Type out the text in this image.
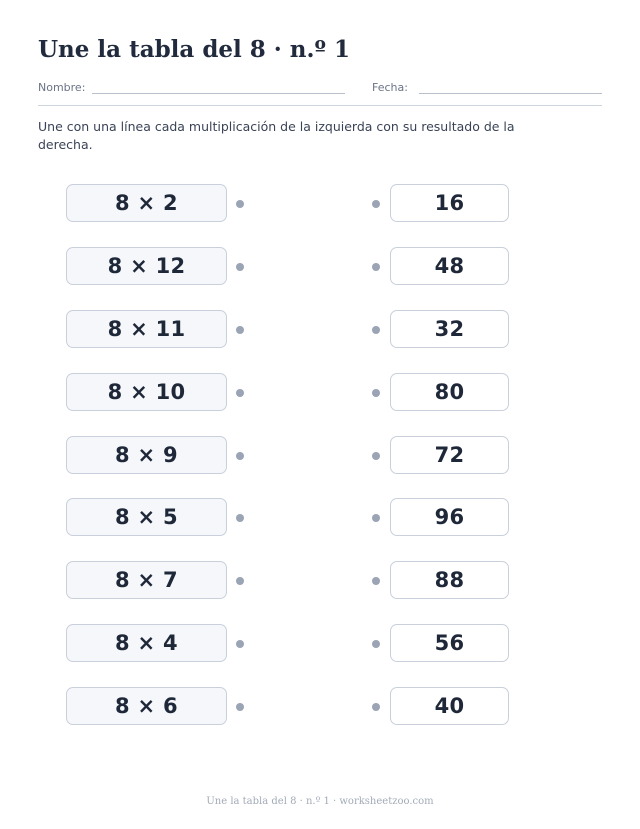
Une la tabla del 8 · n.º 1
Nombre:	Fecha:

Une con una línea cada multiplicación de la izquierda con su resultado de la derecha.

8 × 2	16
8 × 12	48
8 × 11	32
8 × 10	80
8 × 9	72
8 × 5	96
8 × 7	88
8 × 4	56
8 × 6	40
Une la tabla del 8 · n.º 1 · worksheetzoo.com
